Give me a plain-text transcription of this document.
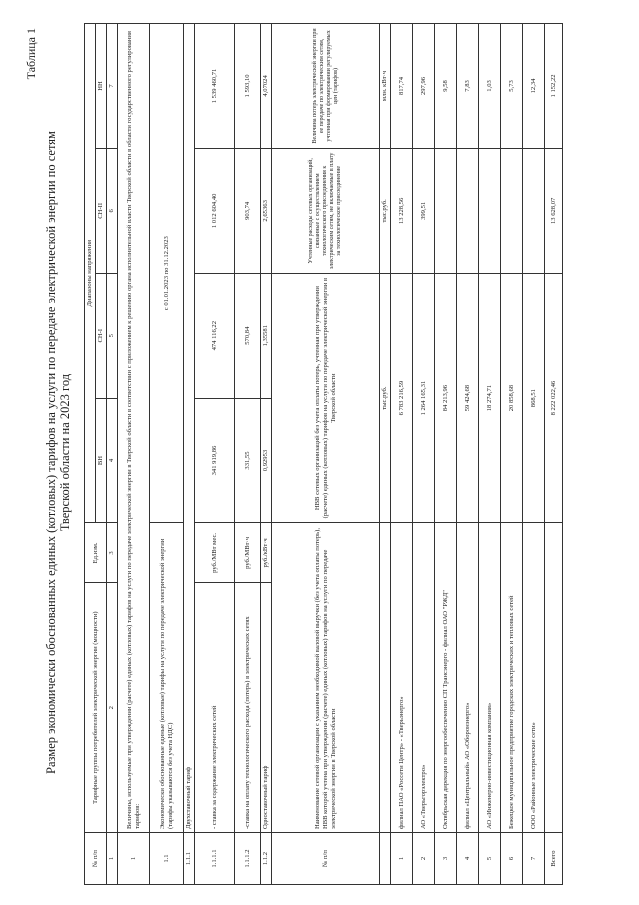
Таблица 1
Размер экономически обоснованных единых (котловых) тарифов на услуги по передаче электрической энергии по сетям Тверской области на 2023 год
№ п/п	Тарифные группы потребителей электрической энергии (мощности)	Ед.изм.	Диапазоны напряжения			
			ВН	СН-I	СН-II	НН
1	2	3	4	5	6	7
1	Величины, используемые при утверждении (расчете) единых (котловых) тарифов на услуги по передаче электрической энергии в Тверской области в соответствии с приложением к решению органа исполнительной власти Тверской области в области государственного регулирования тарифов:					
1.1	Экономически обоснованные единые (котловые) тарифы на услуги по передаче электрической энергии (тарифы указываются без учета НДС)		с 01.01.2023 по 31.12.2023			
1.1.1	Двухставочный тариф					
1.1.1.1	- ставка за содержание электрических сетей	руб./МВт мес.	341 919,86	474 116,22	1 012 604,40	1 539 460,71
1.1.1.2	-ставка на оплату технологического расхода (потерь) в электрических сетях	руб./МВт·ч	331,55	570,84	903,74	1 593,10
1.1.2	Одноставочный тариф	руб./кВт·ч	0,92953	1,35581	2,65363	4,07024
№ п/п	Наименование сетевой организации с указанием необходимой валовой выручки (без учета оплаты потерь), НВВ которой учтена при утверждении (расчете) единых (котловых) тарифов на услуги по передаче электрической энергии в Тверской области		НВВ сетевых организаций без учета оплаты потерь, учтенная при утверждении (расчете) единых (котловых) тарифов на услуги по передаче электрической энергии в Тверской области		Учтенные расходы сетевых организаций, связанные с осуществлением технологического присоединения к электрическим сетям, не включаемые в плату за технологическое присоединение	Величина потерь электрической энергии при ее передаче по электрическим сетям, учтенная при формировании регулируемых цен (тарифов)
			тыс.руб.		тыс.руб.	млн. кВт·ч
1	филиал ПАО «Россети Центр» - «Тверьэнерго»		6 783 216,59		13 228,56	817,74
2	АО «Тверьгорэлектро»		1 264 165,31		399,51	297,96
3	Октябрьская дирекция по энергообеспечению СП Трансэнерго - филиал ОАО "РЖД"		84 213,96			9,58
4	филиал «Центральный» АО «Оборонэнерго»		59 424,68			7,83
5	АО «Инженерно-инвестиционная компания»		18 274,71			1,03
6	Бежецкое муниципальное предприятие городских электрических и тепловых сетей		20 858,68			5,73
7	ООО «Районные электрические сети»		868,51			12,34
Всего			8 222 022,46		13 628,07	1 152,22
